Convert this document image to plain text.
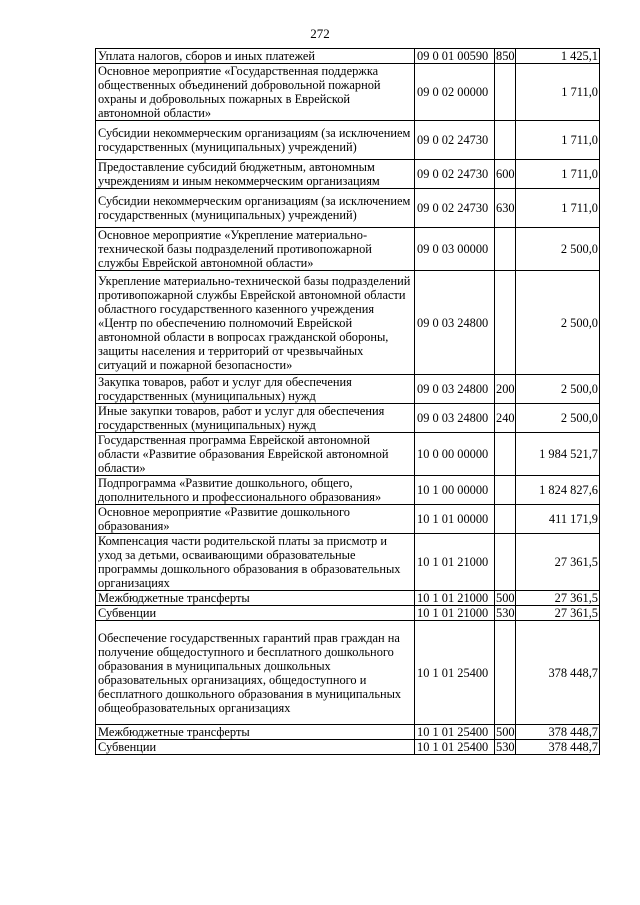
272
Уплата налогов, сборов и иных платежей	09 0 01 00590	850	1 425,1
Основное мероприятие «Государственная поддержка общественных объединений добровольной пожарной охраны и добровольных пожарных в Еврейской автономной области»	09 0 02 00000		1 711,0
Субсидии некоммерческим организациям (за исключением государственных (муниципальных) учреждений)	09 0 02 24730		1 711,0
Предоставление субсидий бюджетным, автономным учреждениям и иным некоммерческим организациям	09 0 02 24730	600	1 711,0
Субсидии некоммерческим организациям (за исключением государственных (муниципальных) учреждений)	09 0 02 24730	630	1 711,0
Основное мероприятие «Укрепление материально-технической базы подразделений противопожарной службы Еврейской автономной области»	09 0 03 00000		2 500,0
Укрепление материально-технической базы подразделений противопожарной службы Еврейской автономной области областного государственного казенного учреждения «Центр по обеспечению полномочий Еврейской автономной области в вопросах гражданской обороны, защиты населения и территорий от чрезвычайных ситуаций и пожарной безопасности»	09 0 03 24800		2 500,0
Закупка товаров, работ и услуг для обеспечения государственных (муниципальных) нужд	09 0 03 24800	200	2 500,0
Иные закупки товаров, работ и услуг для обеспечения государственных (муниципальных) нужд	09 0 03 24800	240	2 500,0
Государственная программа Еврейской автономной области «Развитие образования Еврейской автономной области»	10 0 00 00000		1 984 521,7
Подпрограмма «Развитие дошкольного, общего, дополнительного и профессионального образования»	10 1 00 00000		1 824 827,6
Основное мероприятие «Развитие дошкольного образования»	10 1 01 00000		411 171,9
Компенсация части родительской платы за присмотр и уход за детьми, осваивающими образовательные программы дошкольного образования в образовательных организациях	10 1 01 21000		27 361,5
Межбюджетные трансферты	10 1 01 21000	500	27 361,5
Субвенции	10 1 01 21000	530	27 361,5
Обеспечение государственных гарантий прав граждан на получение общедоступного и бесплатного дошкольного образования в муниципальных дошкольных образовательных организациях, общедоступного и бесплатного дошкольного образования в муниципальных общеобразовательных организациях	10 1 01 25400		378 448,7
Межбюджетные трансферты	10 1 01 25400	500	378 448,7
Субвенции	10 1 01 25400	530	378 448,7
